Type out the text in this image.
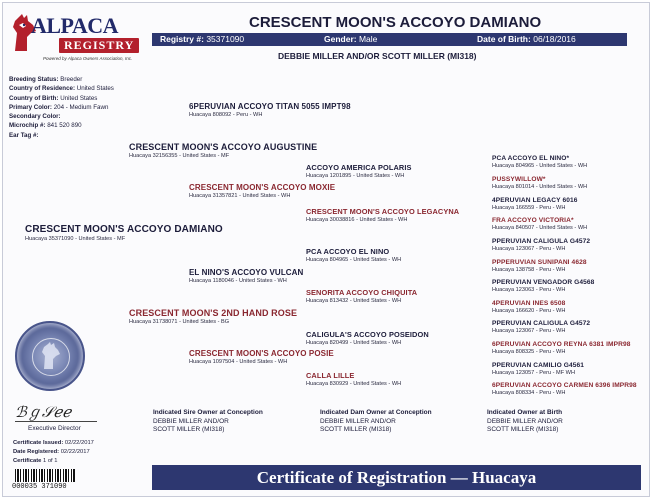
ALPACA
REGISTRY
Powered by Alpaca Owners Association, Inc.
CRESCENT MOON'S ACCOYO DAMIANO
Registry #: 35371090	Gender: Male	Date of Birth: 06/18/2016
DEBBIE MILLER AND/OR SCOTT MILLER (MI318)
Breeding Status: Breeder
Country of Residence: United States
Country of Birth: United States
Primary Color: 204 - Medium Fawn
Secondary Color:
Microchip #: 841 520 890
Ear Tag #:
CRESCENT MOON'S ACCOYO DAMIANO
Huacaya 35371090 - United States - MF
CRESCENT MOON'S ACCOYO AUGUSTINE
Huacaya 32156355 - United States - MF
CRESCENT MOON'S 2ND HAND ROSE
Huacaya 31738071 - United States - BG
6PERUVIAN ACCOYO TITAN 5055 IMPT98
Huacaya 808092 - Peru - WH
CRESCENT MOON'S ACCOYO MOXIE
Huacaya 31357821 - United States - WH
EL NINO'S ACCOYO VULCAN
Huacaya 1180046 - United States - WH
CRESCENT MOON'S ACCOYO POSIE
Huacaya 1097504 - United States - WH
ACCOYO AMERICA POLARIS
Huacaya 1201895 - United States - WH
CRESCENT MOON'S ACCOYO LEGACYNA
Huacaya 30038816 - United States - WH
PCA ACCOYO EL NINO
Huacaya 804965 - United States - WH
SENORITA ACCOYO CHIQUITA
Huacaya 813432 - United States - WH
CALIGULA'S ACCOYO POSEIDON
Huacaya 820499 - United States - WH
CALLA LILLE
Huacaya 830929 - United States - WH
PCA ACCOYO EL NINO*
Huacaya 804965 - United States - WH
PUSSYWILLOW*
Huacaya 801014 - United States - WH
4PERUVIAN LEGACY 6016
Huacaya 166559 - Peru - WH
FRA ACCOYO VICTORIA*
Huacaya 840507 - United States - WH
PPERUVIAN CALIGULA G4572
Huacaya 123067 - Peru - WH
PPPERUVIAN SUNIPANI 4628
Huacaya 138758 - Peru - WH
PPERUVIAN VENGADOR G4568
Huacaya 123063 - Peru - WH
4PERUVIAN INES 6508
Huacaya 166620 - Peru - WH
PPERUVIAN CALIGULA G4572
Huacaya 123067 - Peru - WH
6PERUVIAN ACCOYO REYNA 6381 IMPR98
Huacaya 808325 - Peru - WH
PPERUVIAN CAMILIO G4561
Huacaya 123057 - Peru - MF WH
6PERUVIAN ACCOYO CARMEN 6396 IMPR98
Huacaya 808334 - Peru - WH
ℬℊ𝒮ℯℯ
Executive Director
Certificate Issued: 02/22/2017
Date Registered: 02/22/2017
Certificate 1 of 1
000035 371090
Indicated Sire Owner at Conception
DEBBIE MILLER AND/OR
SCOTT MILLER (MI318)
Indicated Dam Owner at Conception
DEBBIE MILLER AND/OR
SCOTT MILLER (MI318)
Indicated Owner at Birth
DEBBIE MILLER AND/OR
SCOTT MILLER (MI318)
Certificate of Registration — Huacaya
